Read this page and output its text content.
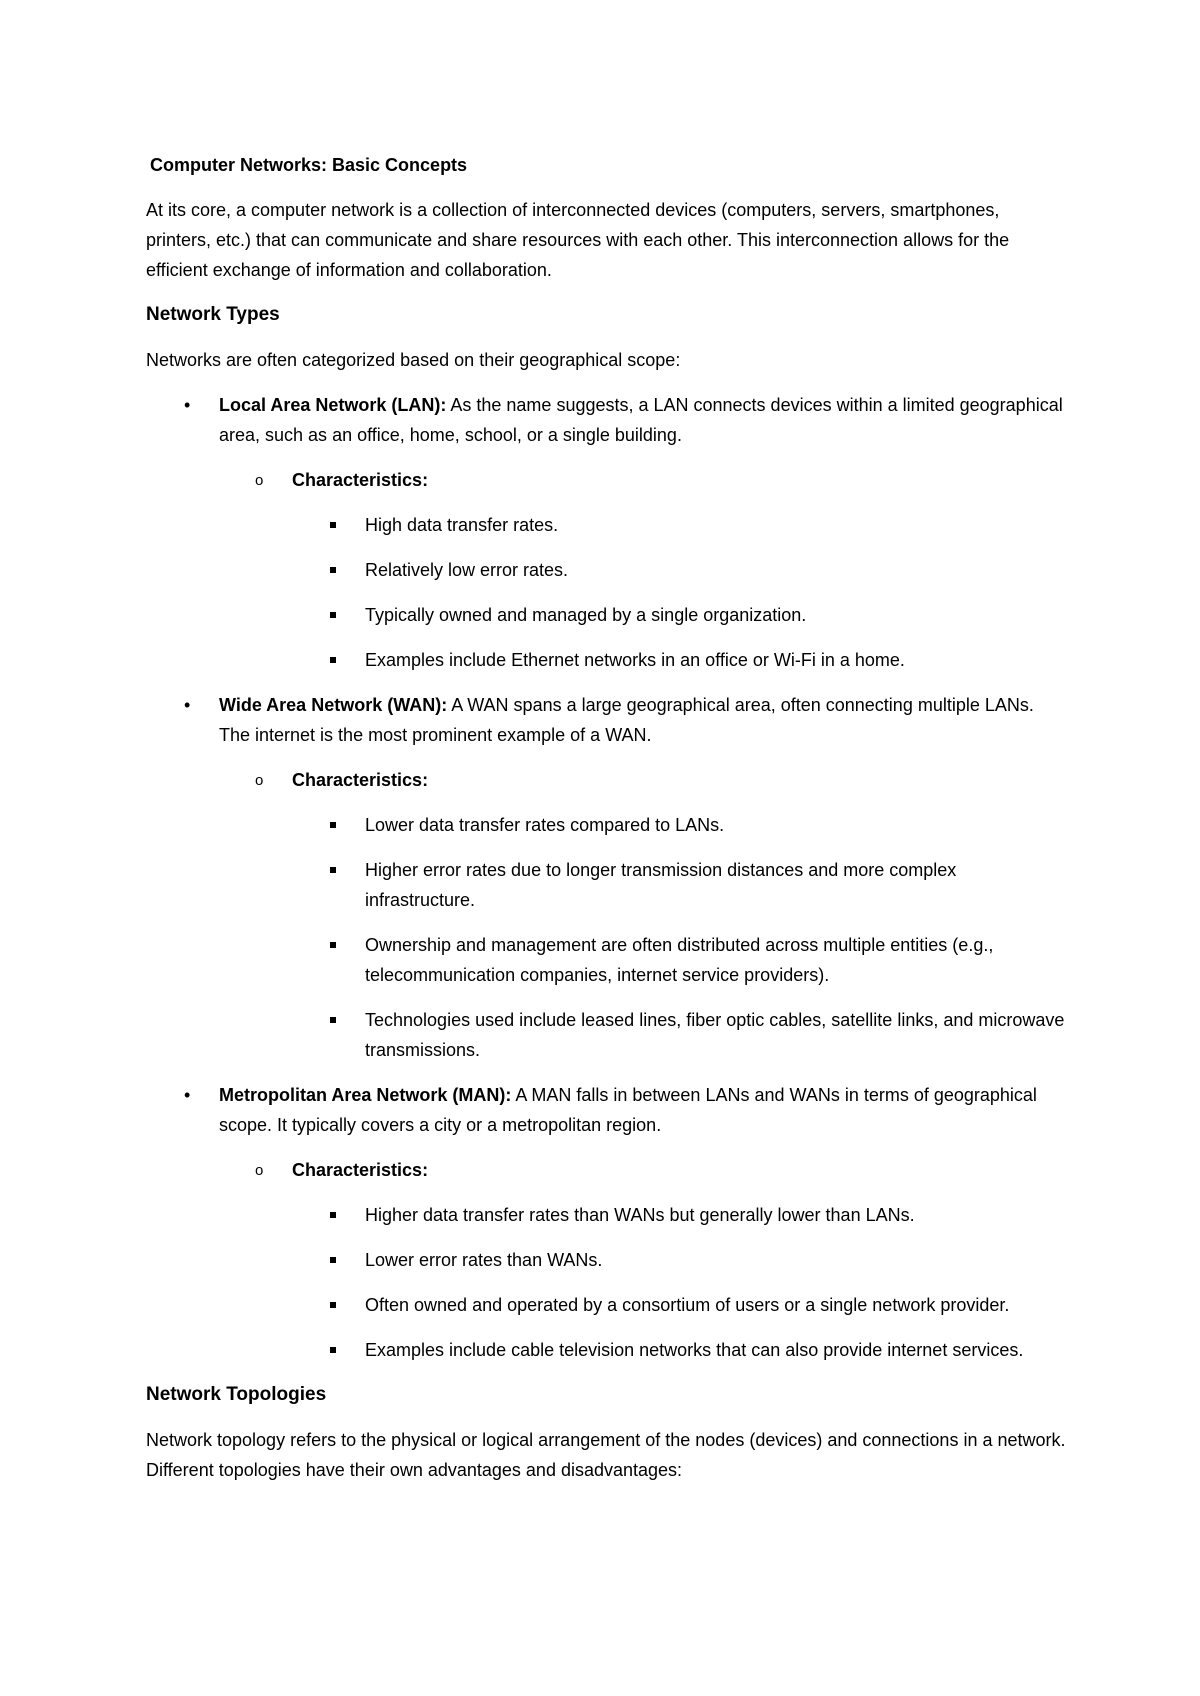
Computer Networks: Basic Concepts
At its core, a computer network is a collection of interconnected devices (computers, servers, smartphones, printers, etc.) that can communicate and share resources with each other. This interconnection allows for the efficient exchange of information and collaboration.
Network Types
Networks are often categorized based on their geographical scope:
• Local Area Network (LAN): As the name suggests, a LAN connects devices within a limited geographical area, such as an office, home, school, or a single building.
o Characteristics:
High data transfer rates.
Relatively low error rates.
Typically owned and managed by a single organization.
Examples include Ethernet networks in an office or Wi-Fi in a home.
• Wide Area Network (WAN): A WAN spans a large geographical area, often connecting multiple LANs. The internet is the most prominent example of a WAN.
o Characteristics:
Lower data transfer rates compared to LANs.
Higher error rates due to longer transmission distances and more complex infrastructure.
Ownership and management are often distributed across multiple entities (e.g., telecommunication companies, internet service providers).
Technologies used include leased lines, fiber optic cables, satellite links, and microwave transmissions.
• Metropolitan Area Network (MAN): A MAN falls in between LANs and WANs in terms of geographical scope. It typically covers a city or a metropolitan region.
o Characteristics:
Higher data transfer rates than WANs but generally lower than LANs.
Lower error rates than WANs.
Often owned and operated by a consortium of users or a single network provider.
Examples include cable television networks that can also provide internet services.
Network Topologies
Network topology refers to the physical or logical arrangement of the nodes (devices) and connections in a network. Different topologies have their own advantages and disadvantages:
